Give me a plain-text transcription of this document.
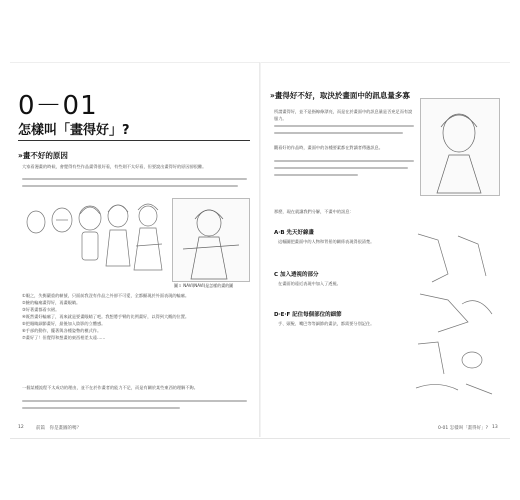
0－01
怎樣叫「畫得好」?
»畫不好的原因
大家看漫畫的時候，會覺得有些作品畫得很好看，有些則不太好看，但要說出畫得好的原因卻很難。
圖１ NAVI(NAVI)是怎樣的畫的圖
①眼之，失衡嚴重的幀號，只面前我沒有作品之外卻不可愛，全都顯現於外面表現的輪廓。
②臉的輪廓畫得好，再畫眼睛。
③好著畫都看衣褶。
④既然畫好輪廓了，再來就是要畫眼睛了吧。我想將手臂的比例畫好，以得到大概的位置。
⑤把眼睛細節畫好，最後加入陰影的立體感。
⑥手部的動作，擺著與各種姿勢的模式作。
⑦畫好了！但覺得和想畫的東西相差太遠……
一個某種流程不太成功的理由，並不在於作畫者的能力不足，而是有關於某些東西的理解不夠。
12	前篇　你是畫圖的嗎？
»畫得好不好，取決於畫面中的訊息量多寡
所謂畫得好，並不是指線條漂亮，而是在於畫面中的訊息量是否充足而有說服力。
觀看好的作品時，畫面中的各種要素都在對讀者傳遞訊息。
那麼，現在就讓我們分解，不畫中的訊息：
A·B 先天好線畫
這幅圖把畫面中的人物和背景的關係表現得很清楚。
C 加入透視的部分
在畫面的遠近表現中加入了透視。
D·E·F 記住每個部位的細節
手、頭髮、嘴巴等等細節的畫法，都需要分別記住。
0-01 怎樣叫「畫得好」? 13
